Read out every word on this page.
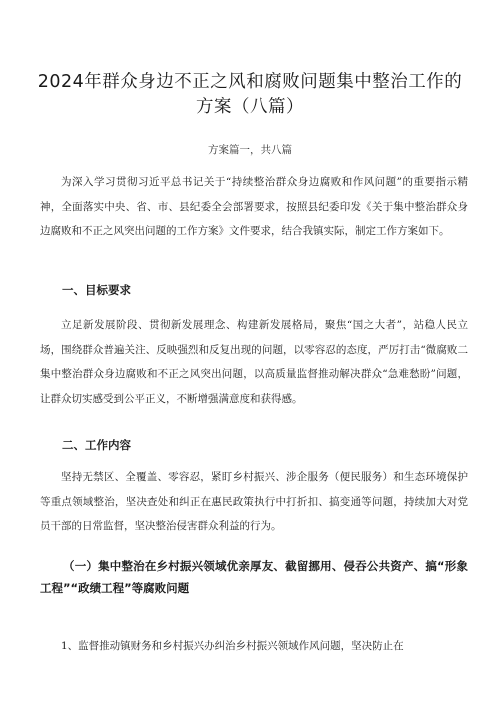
2024年群众身边不正之风和腐败问题集中整治工作的方案（八篇）
方案篇一，共八篇

为深入学习贯彻习近平总书记关于“持续整治群众身边腐败和作风问题”的重要指示精神，全面落实中央、省、市、县纪委全会部署要求，按照县纪委印发《关于集中整治群众身边腐败和不正之风突出问题的工作方案》文件要求，结合我镇实际，制定工作方案如下。

一、目标要求

立足新发展阶段、贯彻新发展理念、构建新发展格局，聚焦“国之大者”，站稳人民立场，围绕群众普遍关注、反映强烈和反复出现的问题，以零容忍的态度，严厉打击“微腐败二集中整治群众身边腐败和不正之风突出问题，以高质量监督推动解决群众“急难愁盼”问题，让群众切实感受到公平正义，不断增强满意度和获得感。

二、工作内容

坚持无禁区、全覆盖、零容忍，紧盯乡村振兴、涉企服务（便民服务）和生态环境保护等重点领域整治，坚决查处和纠正在惠民政策执行中打折扣、搞变通等问题，持续加大对党员干部的日常监督，坚决整治侵害群众利益的行为。

（一）集中整治在乡村振兴领域优亲厚友、截留挪用、侵吞公共资产、搞“形象工程”“政绩工程”等腐败问题

1、监督推动镇财务和乡村振兴办纠治乡村振兴领域作风问题，坚决防止在
